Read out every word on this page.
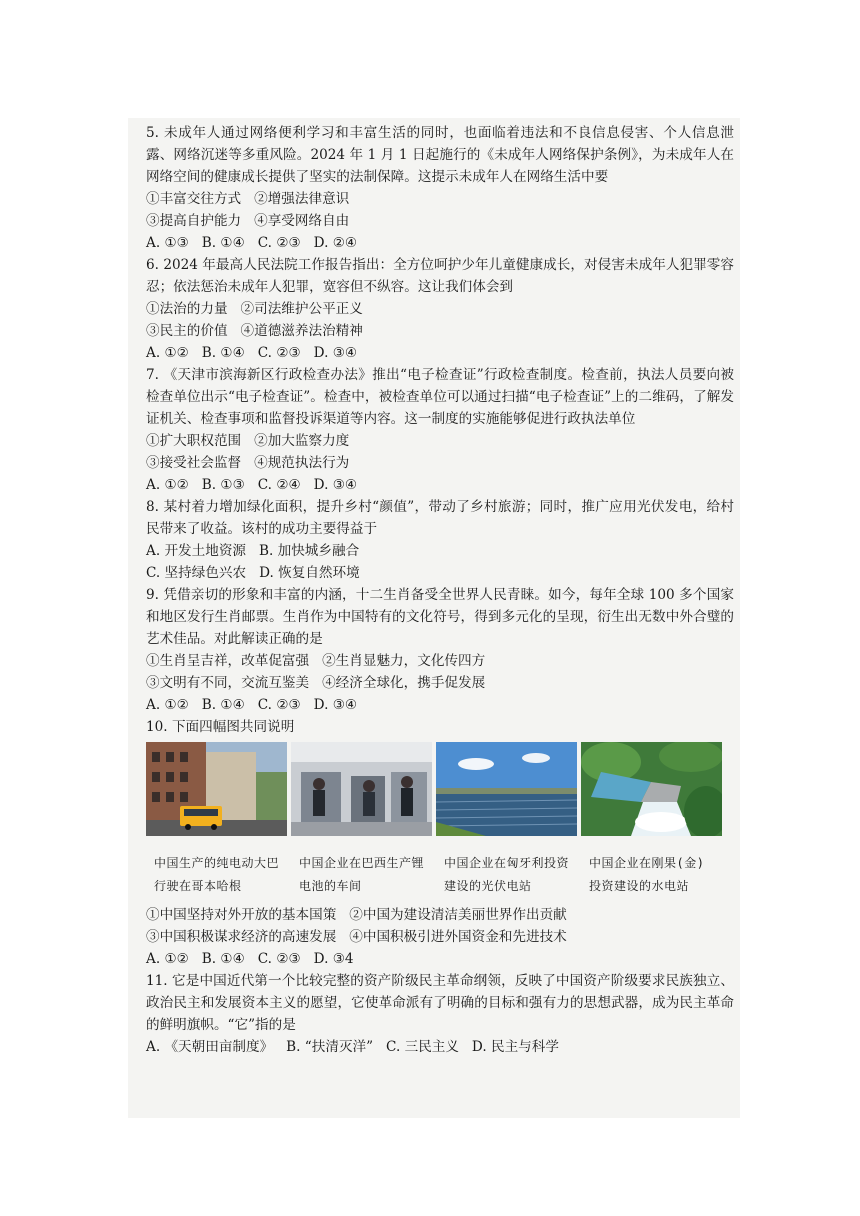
5. 未成年人通过网络便利学习和丰富生活的同时，也面临着违法和不良信息侵害、个人信息泄露、网络沉迷等多重风险。2024 年 1 月 1 日起施行的《未成年人网络保护条例》，为未成年人在网络空间的健康成长提供了坚实的法制保障。这提示未成年人在网络生活中要

①丰富交往方式   ②增强法律意识

③提高自护能力   ④享受网络自由

A. ①③   B. ①④   C. ②③   D. ②④

6. 2024 年最高人民法院工作报告指出：全方位呵护少年儿童健康成长，对侵害未成年人犯罪零容忍；依法惩治未成年人犯罪，宽容但不纵容。这让我们体会到

①法治的力量   ②司法维护公平正义

③民主的价值   ④道德滋养法治精神

A. ①②   B. ①④   C. ②③   D. ③④

7. 《天津市滨海新区行政检查办法》推出“电子检查证”行政检查制度。检查前，执法人员要向被检查单位出示“电子检查证”。检查中，被检查单位可以通过扫描“电子检查证”上的二维码，了解发证机关、检查事项和监督投诉渠道等内容。这一制度的实施能够促进行政执法单位

①扩大职权范围   ②加大监察力度

③接受社会监督   ④规范执法行为

A. ①②   B. ①③   C. ②④   D. ③④

8. 某村着力增加绿化面积，提升乡村“颜值”，带动了乡村旅游；同时，推广应用光伏发电，给村民带来了收益。该村的成功主要得益于

A. 开发土地资源   B. 加快城乡融合

C. 坚持绿色兴农   D. 恢复自然环境

9. 凭借亲切的形象和丰富的内涵，十二生肖备受全世界人民青睐。如今，每年全球 100 多个国家和地区发行生肖邮票。生肖作为中国特有的文化符号，得到多元化的呈现，衍生出无数中外合璧的艺术佳品。对此解读正确的是

①生肖呈吉祥，改革促富强   ②生肖显魅力，文化传四方

③文明有不同，交流互鉴美   ④经济全球化，携手促发展

A. ①②   B. ①④   C. ②③   D. ③④

10. 下面四幅图共同说明

中国生产的纯电动大巴行驶在哥本哈根
中国企业在巴西生产锂电池的车间
中国企业在匈牙利投资建设的光伏电站
中国企业在刚果(金)投资建设的水电站

①中国坚持对外开放的基本国策   ②中国为建设清洁美丽世界作出贡献

③中国积极谋求经济的高速发展   ④中国积极引进外国资金和先进技术

A. ①②   B. ①④   C. ②③   D. ③4

11. 它是中国近代第一个比较完整的资产阶级民主革命纲领，反映了中国资产阶级要求民族独立、政治民主和发展资本主义的愿望，它使革命派有了明确的目标和强有力的思想武器，成为民主革命的鲜明旗帜。“它”指的是

A. 《天朝田亩制度》   B. “扶清灭洋”   C. 三民主义   D. 民主与科学
